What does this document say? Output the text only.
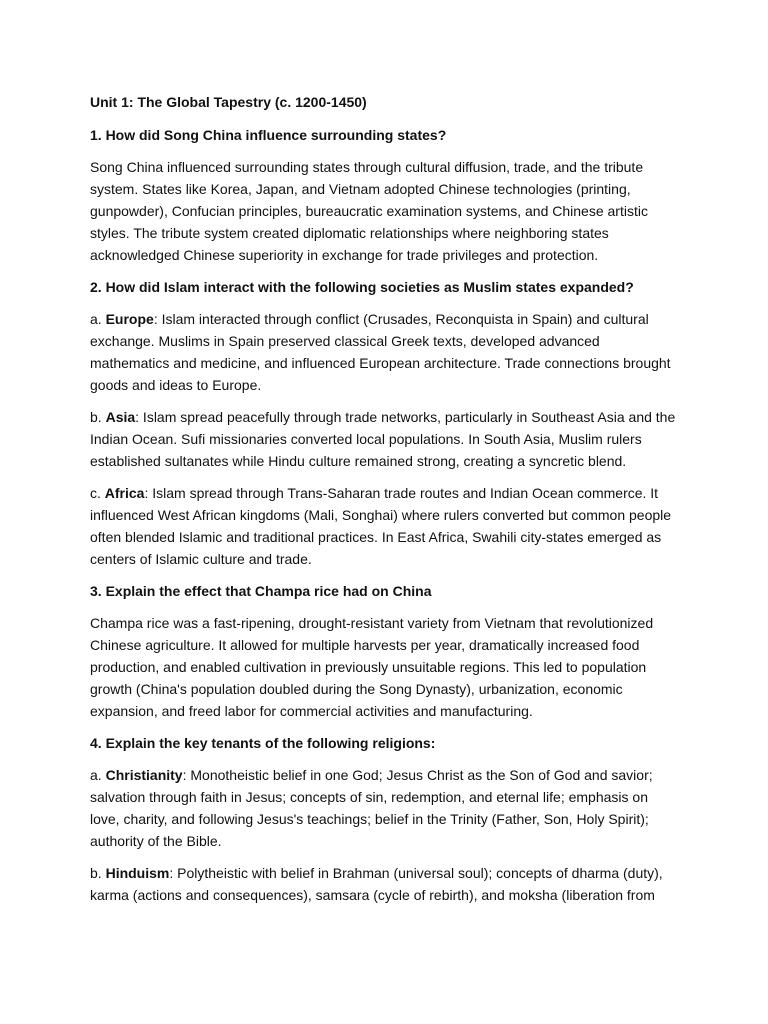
Unit 1: The Global Tapestry (c. 1200-1450)
1. How did Song China influence surrounding states?
Song China influenced surrounding states through cultural diffusion, trade, and the tribute system. States like Korea, Japan, and Vietnam adopted Chinese technologies (printing, gunpowder), Confucian principles, bureaucratic examination systems, and Chinese artistic styles. The tribute system created diplomatic relationships where neighboring states acknowledged Chinese superiority in exchange for trade privileges and protection.
2. How did Islam interact with the following societies as Muslim states expanded?
a. Europe: Islam interacted through conflict (Crusades, Reconquista in Spain) and cultural exchange. Muslims in Spain preserved classical Greek texts, developed advanced mathematics and medicine, and influenced European architecture. Trade connections brought goods and ideas to Europe.
b. Asia: Islam spread peacefully through trade networks, particularly in Southeast Asia and the Indian Ocean. Sufi missionaries converted local populations. In South Asia, Muslim rulers established sultanates while Hindu culture remained strong, creating a syncretic blend.
c. Africa: Islam spread through Trans-Saharan trade routes and Indian Ocean commerce. It influenced West African kingdoms (Mali, Songhai) where rulers converted but common people often blended Islamic and traditional practices. In East Africa, Swahili city-states emerged as centers of Islamic culture and trade.
3. Explain the effect that Champa rice had on China
Champa rice was a fast-ripening, drought-resistant variety from Vietnam that revolutionized Chinese agriculture. It allowed for multiple harvests per year, dramatically increased food production, and enabled cultivation in previously unsuitable regions. This led to population growth (China's population doubled during the Song Dynasty), urbanization, economic expansion, and freed labor for commercial activities and manufacturing.
4. Explain the key tenants of the following religions:
a. Christianity: Monotheistic belief in one God; Jesus Christ as the Son of God and savior; salvation through faith in Jesus; concepts of sin, redemption, and eternal life; emphasis on love, charity, and following Jesus's teachings; belief in the Trinity (Father, Son, Holy Spirit); authority of the Bible.
b. Hinduism: Polytheistic with belief in Brahman (universal soul); concepts of dharma (duty), karma (actions and consequences), samsara (cycle of rebirth), and moksha (liberation from
